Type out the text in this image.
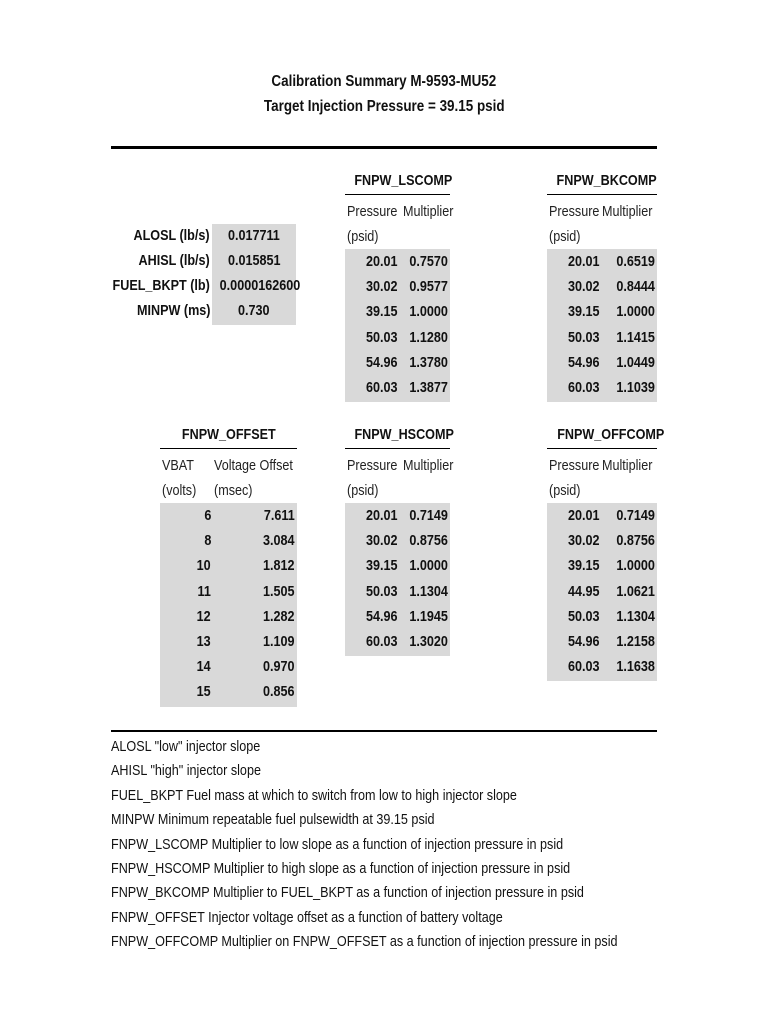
Calibration Summary M-9593-MU52
Target Injection Pressure = 39.15 psid
ALOSL (lb/s)	0.017711
AHISL (lb/s)	0.015851
FUEL_BKPT (lb) 0.0000162600
MINPW (ms)	0.730
FNPW_LSCOMP
Pressure
(psid)
Multiplier
20.01 0.7570
30.02 0.9577
39.15 1.0000
50.03 1.1280
54.96 1.3780
60.03 1.3877
FNPW_BKCOMP
Pressure
(psid)
Multiplier
20.01	0.6519
30.02	0.8444
39.15	1.0000
50.03	1.1415
54.96	1.0449
60.03	1.1039
FNPW_OFFSET
VBAT
(volts)
Voltage Offset
(msec)
6	7.611
8	3.084
10	1.812
11	1.505
12	1.282
13	1.109
14	0.970
15	0.856
FNPW_HSCOMP
Pressure
(psid)
Multiplier
20.01 0.7149
30.02 0.8756
39.15 1.0000
50.03 1.1304
54.96 1.1945
60.03 1.3020
FNPW_OFFCOMP
Pressure
(psid)
Multiplier
20.01	0.7149
30.02	0.8756
39.15	1.0000
44.95	1.0621
50.03	1.1304
54.96	1.2158
60.03	1.1638
ALOSL "low" injector slope
AHISL "high" injector slope
FUEL_BKPT Fuel mass at which to switch from low to high injector slope
MINPW Minimum repeatable fuel pulsewidth at 39.15 psid
FNPW_LSCOMP Multiplier to low slope as a function of injection pressure in psid
FNPW_HSCOMP Multiplier to high slope as a function of injection pressure in psid
FNPW_BKCOMP Multiplier to FUEL_BKPT as a function of injection pressure in psid
FNPW_OFFSET Injector voltage offset as a function of battery voltage
FNPW_OFFCOMP Multiplier on FNPW_OFFSET as a function of injection pressure in psid
